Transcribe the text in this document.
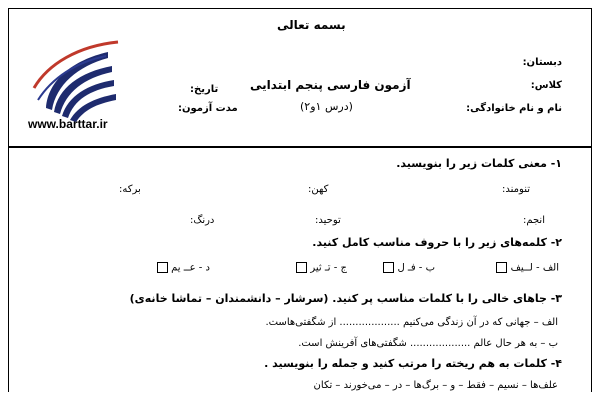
بسمه تعالی
دبستان:
کلاس:
نام و نام خانوادگی:
آزمون فارسی پنجم ابتدایی
(درس ۱و۲)
تاریخ:
مدت آزمون:
www.barttar.ir
۱- معنی کلمات زیر را بنویسید.
تنومند:
کهن:
برکه:
انجم:
توحید:
درنگ:
۲- کلمه‌های زیر را با حروف مناسب کامل کنید.
الف - لــیف
ب - فـ ل
ج - تـ ثیر
د - عــ یم
۳- جاهای خالی را با کلمات مناسب پر کنید. (سرشار – دانشمندان – تماشا خانه‌ی)
الف – جهانی که در آن زندگی می‌کنیم ................... از شگفتی‌هاست.
ب – به هر حال عالم ................... شگفتی‌های آفرینش است.
۴- کلمات به هم ریخته را مرتب کنید و جمله را بنویسید .
علف‌ها – نسیم – فقط – و – برگ‌ها – در – می‌خورند – تکان
